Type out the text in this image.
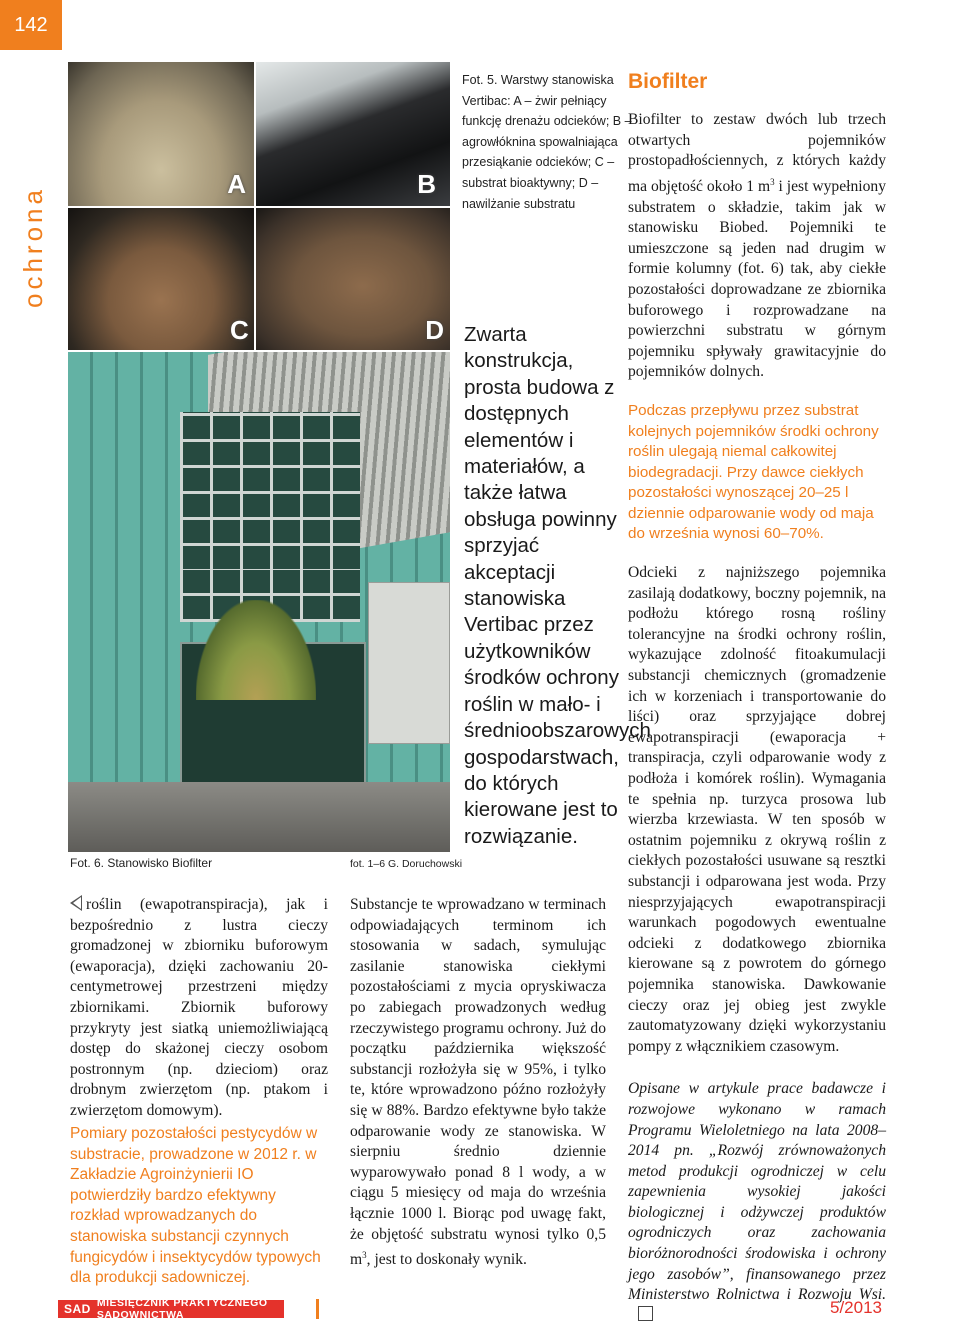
142
ochrona
A	B
C	D
Fot. 6. Stanowisko Biofilter	fot. 1–6 G. Doruchowski
Fot. 5. Warstwy stanowiska Vertibac: A – żwir pełniący funkcję drenażu odcieków; B – agrowłóknina spowalniająca przesiąkanie odcieków; C – substrat bioaktywny; D – nawilżanie substratu
Zwarta konstrukcja, prosta budowa z dostępnych elementów i materiałów, a także łatwa obsługa powinny sprzyjać akceptacji stanowiska Vertibac przez użytkowników środków ochrony roślin w mało- i średnioobszarowych gospodarstwach, do których kierowane jest to rozwiązanie.
roślin (ewapotranspiracja), jak i bezpośrednio z lustra cieczy gromadzonej w zbiorniku buforowym (ewaporacja), dzięki zachowaniu 20-centymetrowej przestrzeni między zbiornikami. Zbiornik buforowy przykryty jest siatką uniemożliwiającą dostęp do skażonej cieczy osobom postronnym (np. dzieciom) oraz drobnym zwierzętom (np. ptakom i zwierzętom domowym).
Pomiary pozostałości pestycydów w substracie, prowadzone w 2012 r. w Zakładzie Agroinżynierii IO potwierdziły bardzo efektywny rozkład wprowadzanych do stanowiska substancji czynnych fungicydów i insektycydów typowych dla produkcji sadowniczej.
Substancje te wprowadzano w terminach odpowiadających terminom ich stosowania w sadach, symulując zasilanie stanowiska ciekłymi pozostałościami z mycia opryskiwacza po zabiegach prowadzonych według rzeczywistego programu ochrony. Już do początku października większość substancji rozłożyła się w 95%, i tylko te, które wprowadzono późno rozłożyły się w 88%. Bardzo efektywne było także odparowanie wody ze stanowiska. W sierpniu średnio dziennie wyparowywało ponad 8 l wody, a w ciągu 5 miesięcy od maja do września łącznie 1000 l. Biorąc pod uwagę fakt, że objętość substratu wynosi tylko 0,5 $m^3$, jest to doskonały wynik.
Biofilter
Biofilter to zestaw dwóch lub trzech otwartych pojemników prostopadłościennych, z których każdy ma objętość około 1 $m^3$ i jest wypełniony substratem o składzie, takim jak w stanowisku Biobed. Pojemniki te umieszczone są jeden nad drugim w formie kolumny (fot. 6) tak, aby ciekłe pozostałości doprowadzane ze zbiornika buforowego i rozprowadzane na powierzchni substratu w górnym pojemniku spływały grawitacyjnie do pojemników dolnych.
Podczas przepływu przez substrat kolejnych pojemników środki ochrony roślin ulegają niemal całkowitej biodegradacji. Przy dawce ciekłych pozostałości wynoszącej 20–25 l dziennie odparowanie wody od maja do września wynosi 60–70%.
Odcieki z najniższego pojemnika zasilają dodatkowy, boczny pojemnik, na podłożu którego rosną rośliny tolerancyjne na środki ochrony roślin, wykazujące zdolność fitoakumulacji substancji chemicznych (gromadzenie ich w korzeniach i transportowanie do liści) oraz sprzyjające dobrej ewapotranspiracji (ewaporacja + transpiracja, czyli odparowanie wody z podłoża i komórek roślin). Wymagania te spełnia np. turzyca prosowa lub wierzba krzewiasta. W ten sposób w ostatnim pojemniku z okrywą roślin z ciekłych pozostałości usuwane są resztki substancji i odparowana jest woda. Przy niesprzyjających ewapotranspiracji warunkach pogodowych ewentualne odcieki z dodatkowego zbiornika kierowane są z powrotem do górnego pojemnika stanowiska. Dawkowanie cieczy oraz jej obieg jest zwykle zautomatyzowany dzięki wykorzystaniu pompy z włącznikiem czasowym.
Opisane w artykule prace badawcze i rozwojowe wykonano w ramach Programu Wieloletniego na lata 2008–2014 pn. „Rozwój zrównoważonych metod produkcji ogrodniczej w celu zapewnienia wysokiej jakości biologicznej i odżywczej produktów ogrodniczych oraz zachowania bioróżnorodności środowiska i ochrony jego zasobów”, finansowanego przez Ministerstwo Rolnictwa i Rozwoju Wsi.
SAD MIESIĘCZNIK PRAKTYCZNEGO SADOWNICTWA	5/2013
